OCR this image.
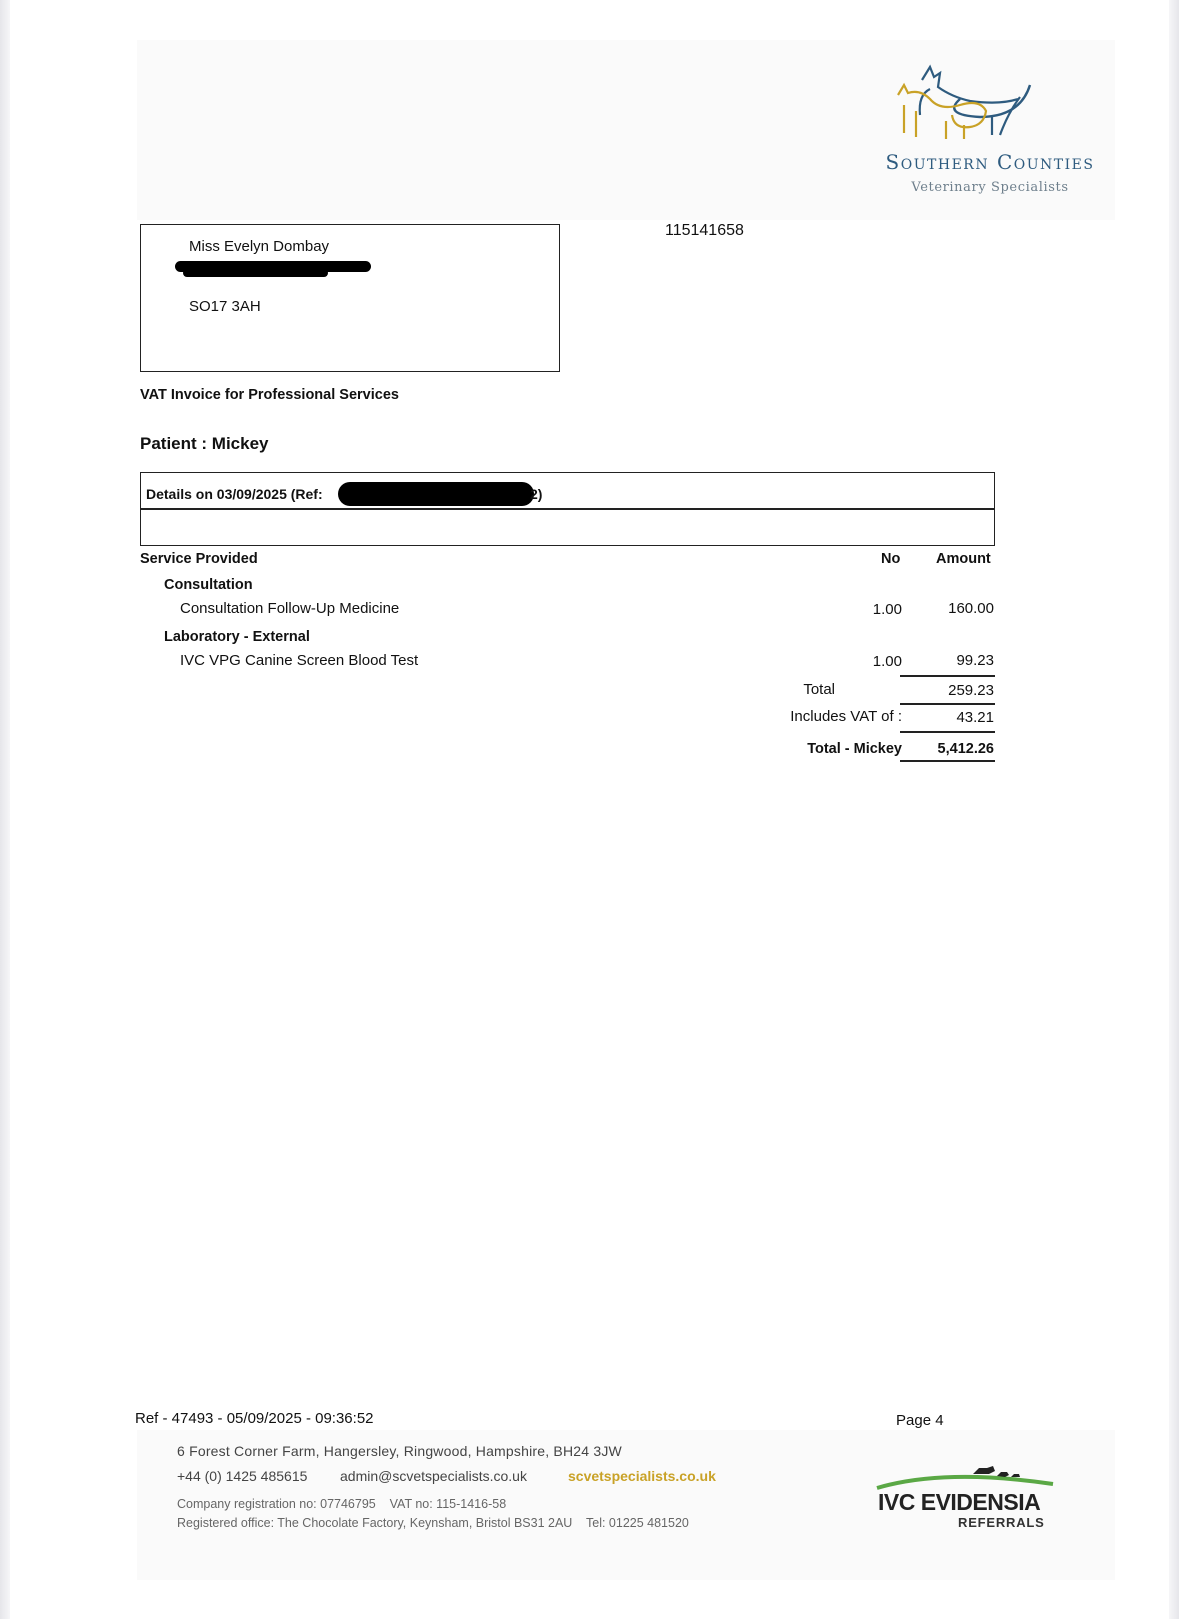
Southern Counties
Veterinary Specialists
115141658
Miss Evelyn Dombay
SO17 3AH
VAT Invoice for Professional Services
Patient : Mickey
Details on 03/09/2025 (Ref:	2)
Service Provided	No Amount
Consultation
Consultation Follow-Up Medicine	1.00	160.00
Laboratory - External
IVC VPG Canine Screen Blood Test	1.00	99.23
Total	259.23
Includes VAT of :	43.21
Total - Mickey	5,412.26
Ref - 47493 - 05/09/2025 - 09:36:52	Page 4
6 Forest Corner Farm, Hangersley, Ringwood, Hampshire, BH24 3JW
+44 (0) 1425 485615 admin@scvetspecialists.co.uk	scvetspecialists.co.uk
Company registration no: 07746795    VAT no: 115-1416-58
Registered office: The Chocolate Factory, Keynsham, Bristol BS31 2AU    Tel: 01225 481520
IVC EVIDENSIA
REFERRALS
